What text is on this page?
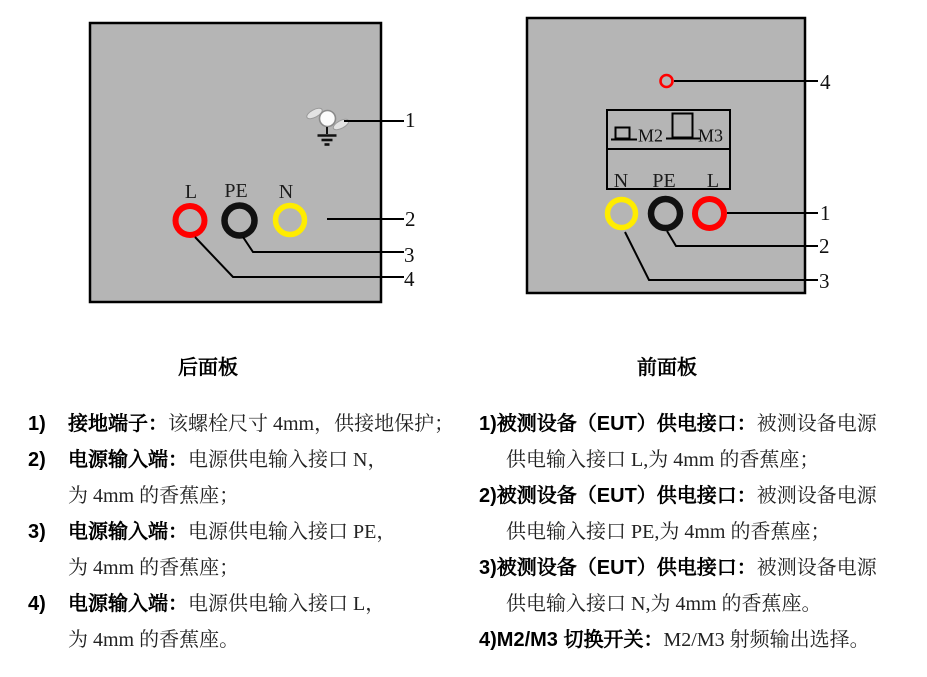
L PE N
1
2
3
4
4
M2 M3
N PE L
1
2
3
后面板	前面板
1) 接地端子：该螺栓尺寸 4mm，供接地保护；
2) 电源输入端：电源供电输入接口 N，
为 4mm 的香蕉座；
3) 电源输入端：电源供电输入接口 PE，
为 4mm 的香蕉座；
4) 电源输入端：电源供电输入接口 L，
为 4mm 的香蕉座。
1)被测设备（EUT）供电接口：被测设备电源
供电输入接口 L,为 4mm 的香蕉座；
2)被测设备（EUT）供电接口：被测设备电源
供电输入接口 PE,为 4mm 的香蕉座；
3)被测设备（EUT）供电接口：被测设备电源
供电输入接口 N,为 4mm 的香蕉座。
4)M2/M3 切换开关：M2/M3 射频输出选择。
